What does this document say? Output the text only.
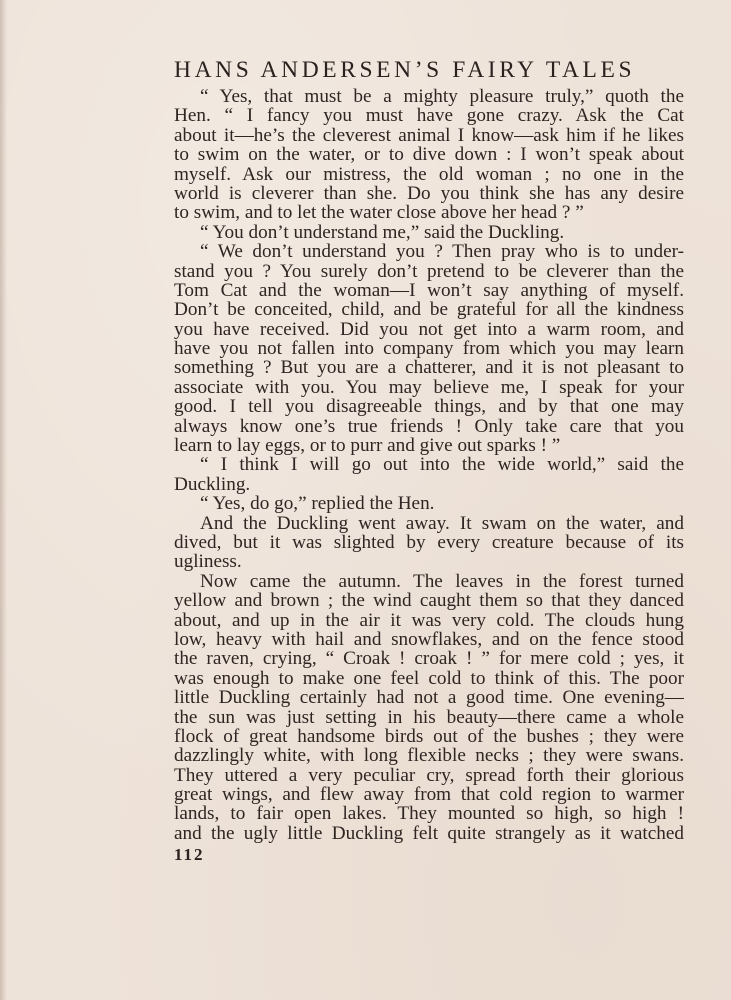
HANS ANDERSEN’S FAIRY TALES
“ Yes, that must be a mighty pleasure truly,” quoth the
Hen. “ I fancy you must have gone crazy. Ask the Cat
about it—he’s the cleverest animal I know—ask him if he likes
to swim on the water, or to dive down : I won’t speak about
myself. Ask our mistress, the old woman ; no one in the
world is cleverer than she. Do you think she has any desire
to swim, and to let the water close above her head ? ”
“ You don’t understand me,” said the Duckling.
“ We don’t understand you ? Then pray who is to under-
stand you ? You surely don’t pretend to be cleverer than the
Tom Cat and the woman—I won’t say anything of myself.
Don’t be conceited, child, and be grateful for all the kindness
you have received. Did you not get into a warm room, and
have you not fallen into company from which you may learn
something ? But you are a chatterer, and it is not pleasant to
associate with you. You may believe me, I speak for your
good. I tell you disagreeable things, and by that one may
always know one’s true friends ! Only take care that you
learn to lay eggs, or to purr and give out sparks ! ”
“ I think I will go out into the wide world,” said the
Duckling.
“ Yes, do go,” replied the Hen.
And the Duckling went away. It swam on the water, and
dived, but it was slighted by every creature because of its
ugliness.
Now came the autumn. The leaves in the forest turned
yellow and brown ; the wind caught them so that they danced
about, and up in the air it was very cold. The clouds hung
low, heavy with hail and snowflakes, and on the fence stood
the raven, crying, “ Croak ! croak ! ” for mere cold ; yes, it
was enough to make one feel cold to think of this. The poor
little Duckling certainly had not a good time. One evening—
the sun was just setting in his beauty—there came a whole
flock of great handsome birds out of the bushes ; they were
dazzlingly white, with long flexible necks ; they were swans.
They uttered a very peculiar cry, spread forth their glorious
great wings, and flew away from that cold region to warmer
lands, to fair open lakes. They mounted so high, so high !
and the ugly little Duckling felt quite strangely as it watched
112
